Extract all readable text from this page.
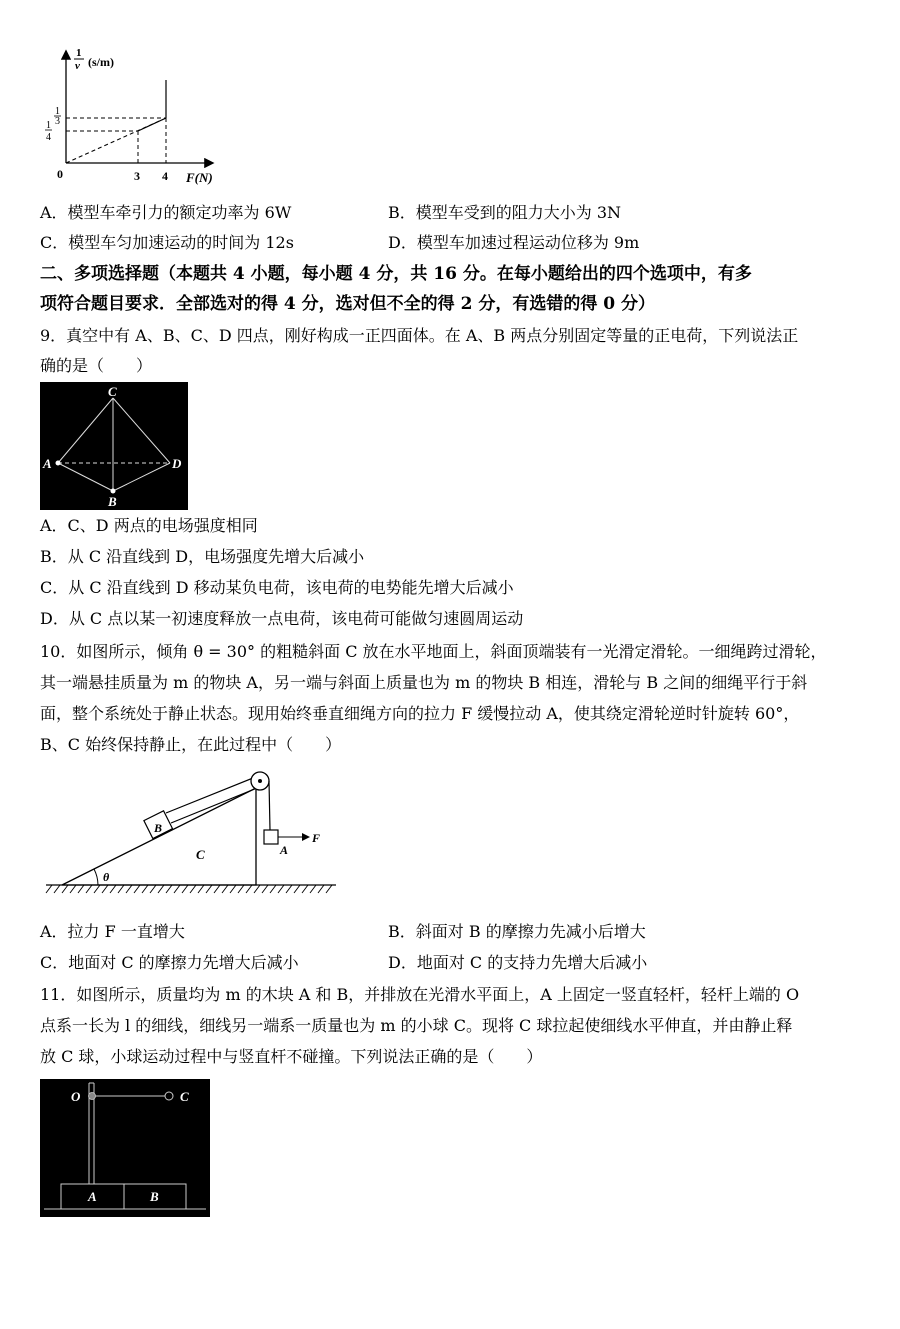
1
v (s/m)
1
3
1
4
0	3 4 F(N)
A．模型车牵引力的额定功率为 6W	B．模型车受到的阻力大小为 3N
C．模型车匀加速运动的时间为 12s	D．模型车加速过程运动位移为 9m
二、多项选择题（本题共 4 小题，每小题 4 分，共 16 分。在每小题给出的四个选项中，有多
项符合题目要求．全部选对的得 4 分，选对但不全的得 2 分，有选错的得 0 分）
9．真空中有 A、B、C、D 四点，刚好构成一正四面体。在 A、B 两点分别固定等量的正电荷，下列说法正
确的是（　　）
C
A	D
B
A．C、D 两点的电场强度相同
B．从 C 沿直线到 D，电场强度先增大后减小
C．从 C 沿直线到 D 移动某负电荷，该电荷的电势能先增大后减小
D．从 C 点以某一初速度释放一点电荷，该电荷可能做匀速圆周运动
10．如图所示，倾角 θ = 30° 的粗糙斜面 C 放在水平地面上，斜面顶端装有一光滑定滑轮。一细绳跨过滑轮，
其一端悬挂质量为 m 的物块 A，另一端与斜面上质量也为 m 的物块 B 相连，滑轮与 B 之间的细绳平行于斜
面，整个系统处于静止状态。现用始终垂直细绳方向的拉力 F 缓慢拉动 A，使其绕定滑轮逆时针旋转 60°，
B、C 始终保持静止，在此过程中（　　）
θ
B
F
A
C
A．拉力 F 一直增大	B．斜面对 B 的摩擦力先减小后增大
C．地面对 C 的摩擦力先增大后减小	D．地面对 C 的支持力先增大后减小
11．如图所示，质量均为 m 的木块 A 和 B，并排放在光滑水平面上，A 上固定一竖直轻杆，轻杆上端的 O
点系一长为 l 的细线，细线另一端系一质量也为 m 的小球 C。现将 C 球拉起使细线水平伸直，并由静止释
放 C 球，小球运动过程中与竖直杆不碰撞。下列说法正确的是（　　）
O	C
A	B
